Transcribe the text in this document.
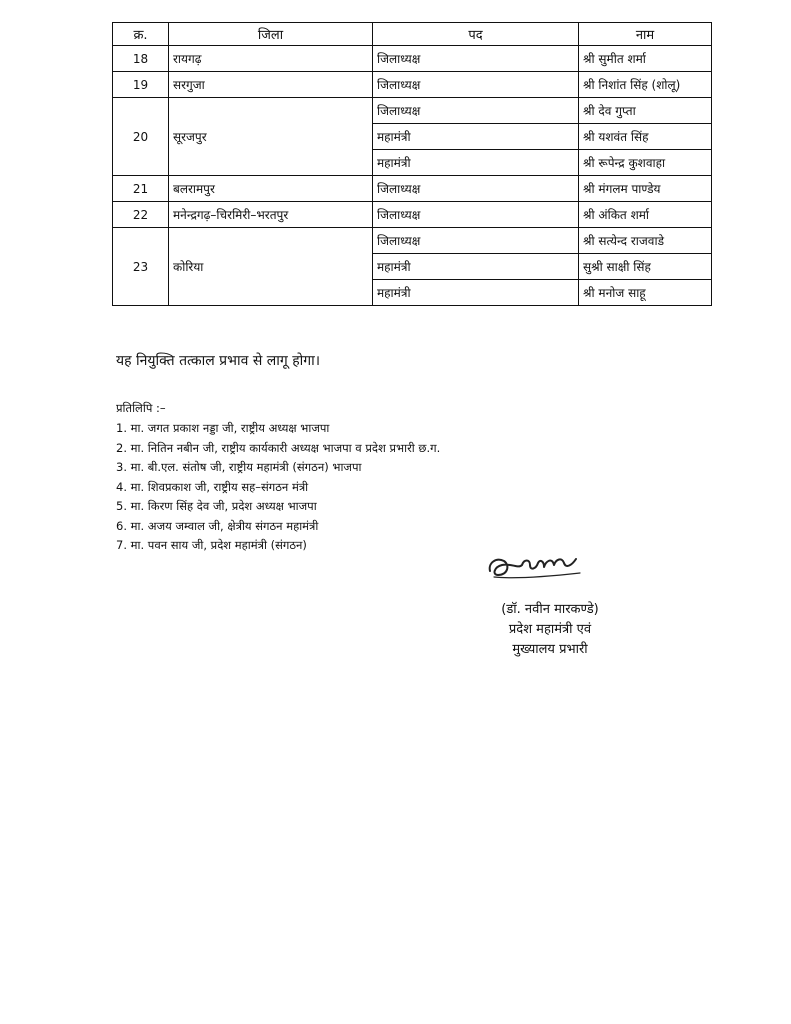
क्र.	जिला	पद	नाम
18	रायगढ़	जिलाध्यक्ष	श्री सुमीत शर्मा
19	सरगुजा	जिलाध्यक्ष	श्री निशांत सिंह (शोलू)
20	सूरजपुर	जिलाध्यक्ष	श्री देव गुप्ता
		महामंत्री	श्री यशवंत सिंह
		महामंत्री	श्री रूपेन्द्र कुशवाहा
21	बलरामपुर	जिलाध्यक्ष	श्री मंगलम पाण्डेय
22	मनेन्द्रगढ़–चिरमिरी–भरतपुर	जिलाध्यक्ष	श्री अंकित शर्मा
23	कोरिया	जिलाध्यक्ष	श्री सत्येन्द राजवाडे
		महामंत्री	सुश्री साक्षी सिंह
		महामंत्री	श्री मनोज साहू

यह नियुक्ति तत्काल प्रभाव से लागू होगा।

प्रतिलिपि :–

1. मा. जगत प्रकाश नड्डा जी, राष्ट्रीय अध्यक्ष भाजपा
2. मा. नितिन नबीन जी, राष्ट्रीय कार्यकारी अध्यक्ष भाजपा व प्रदेश प्रभारी छ.ग.
3. मा. बी.एल. संतोष जी, राष्ट्रीय महामंत्री (संगठन) भाजपा
4. मा. शिवप्रकाश जी, राष्ट्रीय सह–संगठन मंत्री
5. मा. किरण सिंह देव जी, प्रदेश अध्यक्ष भाजपा
6. मा. अजय जम्वाल जी, क्षेत्रीय संगठन महामंत्री
7. मा. पवन साय जी, प्रदेश महामंत्री (संगठन)
(डॉ. नवीन मारकण्डे)
प्रदेश महामंत्री एवं
मुख्यालय प्रभारी
